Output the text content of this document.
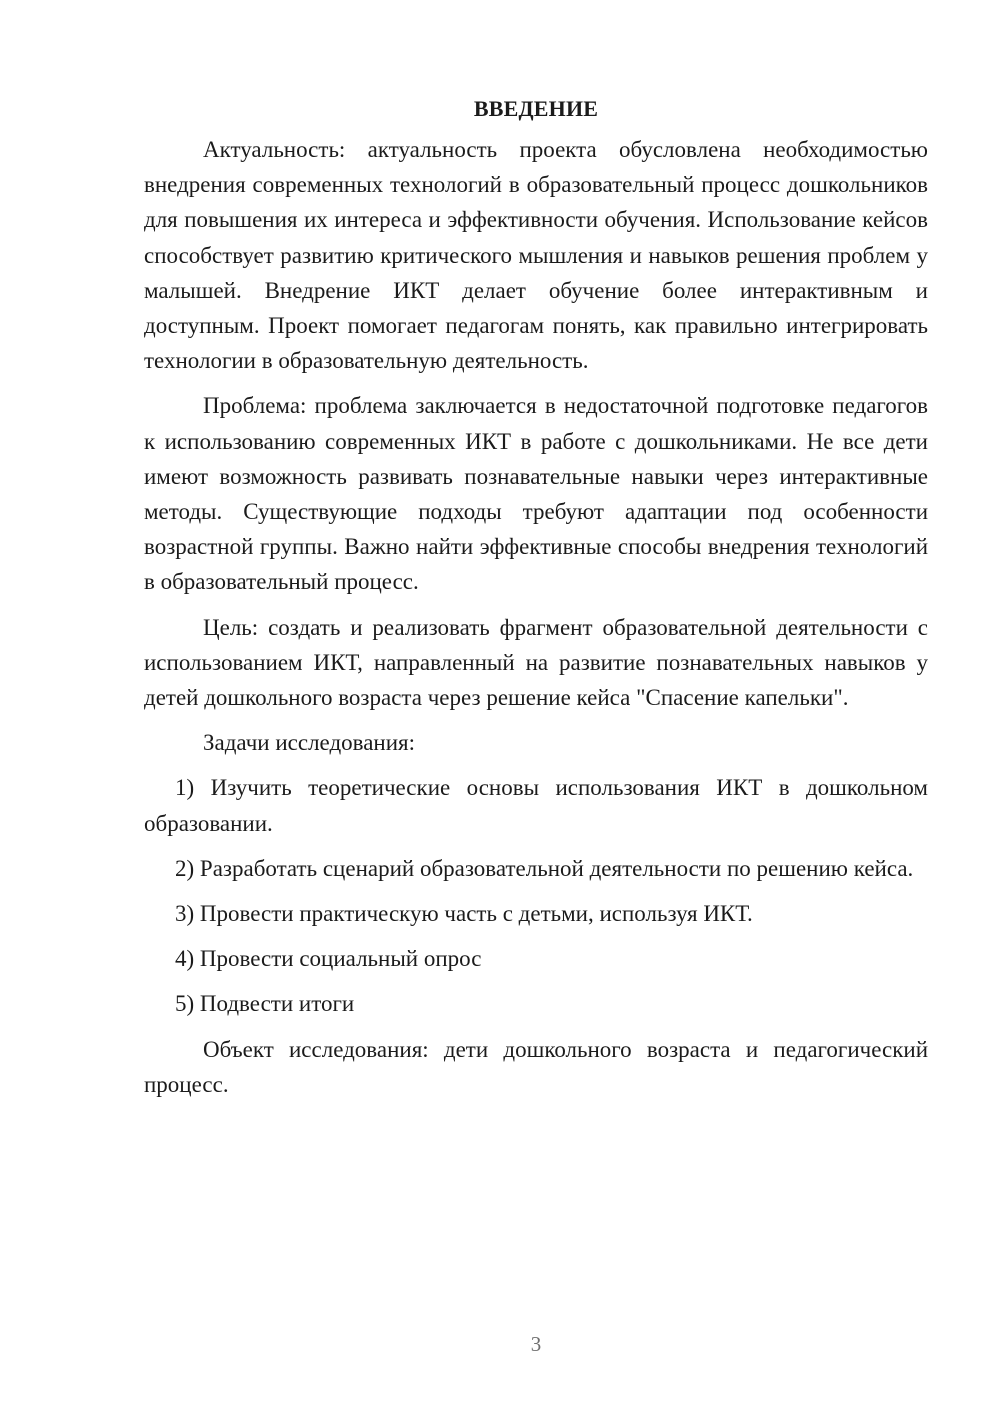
ВВЕДЕНИЕ

Актуальность: актуальность проекта обусловлена необходимостью внедрения современных технологий в образовательный процесс дошкольников для повышения их интереса и эффективности обучения. Использование кейсов способствует развитию критического мышления и навыков решения проблем у малышей. Внедрение ИКТ делает обучение более интерактивным и доступным. Проект помогает педагогам понять, как правильно интегрировать технологии в образовательную деятельность.

Проблема: проблема заключается в недостаточной подготовке педагогов к использованию современных ИКТ в работе с дошкольниками. Не все дети имеют возможность развивать познавательные навыки через интерактивные методы. Существующие подходы требуют адаптации под особенности возрастной группы. Важно найти эффективные способы внедрения технологий в образовательный процесс.

Цель: создать и реализовать фрагмент образовательной деятельности с использованием ИКТ, направленный на развитие познавательных навыков у детей дошкольного возраста через решение кейса "Спасение капельки".

Задачи исследования:

1) Изучить теоретические основы использования ИКТ в дошкольном образовании.

2) Разработать сценарий образовательной деятельности по решению кейса.

3) Провести практическую часть с детьми, используя ИКТ.

4) Провести социальный опрос

5) Подвести итоги

Объект исследования: дети дошкольного возраста и педагогический процесс.

3
